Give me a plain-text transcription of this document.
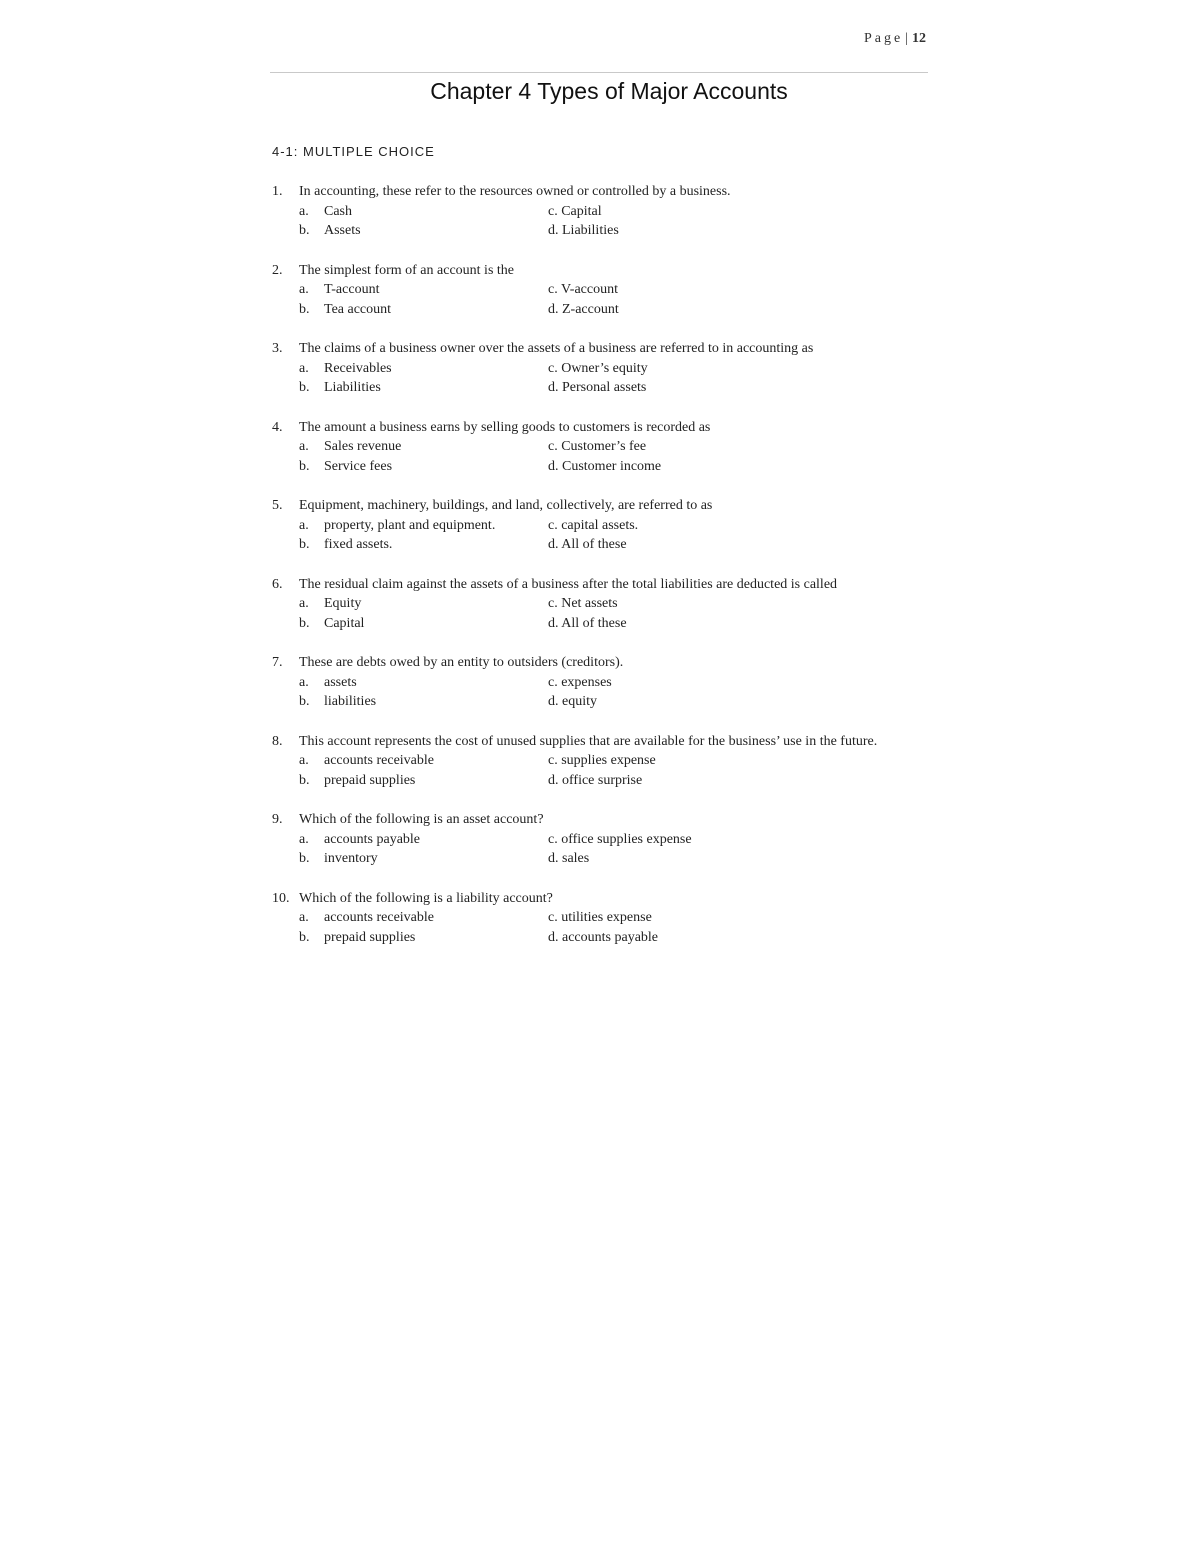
Page | 12
Chapter 4 Types of Major Accounts
4-1: MULTIPLE CHOICE
1.	In accounting, these refer to the resources owned or controlled by a business.
a.	Cash	c. Capital
b.	Assets	d. Liabilities
2.	The simplest form of an account is the
a.	T-account	c. V-account
b.	Tea account	d. Z-account
3.	The claims of a business owner over the assets of a business are referred to in accounting as
a.	Receivables	c. Owner’s equity
b.	Liabilities	d. Personal assets
4.	The amount a business earns by selling goods to customers is recorded as
a.	Sales revenue	c. Customer’s fee
b.	Service fees	d. Customer income
5.	Equipment, machinery, buildings, and land, collectively, are referred to as
a.	property, plant and equipment.	c. capital assets.
b.	fixed assets.	d. All of these
6.	The residual claim against the assets of a business after the total liabilities are deducted is called
a.	Equity	c. Net assets
b.	Capital	d. All of these
7.	These are debts owed by an entity to outsiders (creditors).
a.	assets	c. expenses
b.	liabilities	d. equity
8.	This account represents the cost of unused supplies that are available for the business’ use in the future.
a.	accounts receivable	c. supplies expense
b.	prepaid supplies	d. office surprise
9.	Which of the following is an asset account?
a.	accounts payable	c. office supplies expense
b.	inventory	d. sales
10. Which of the following is a liability account?
a.	accounts receivable	c. utilities expense
b.	prepaid supplies	d. accounts payable
